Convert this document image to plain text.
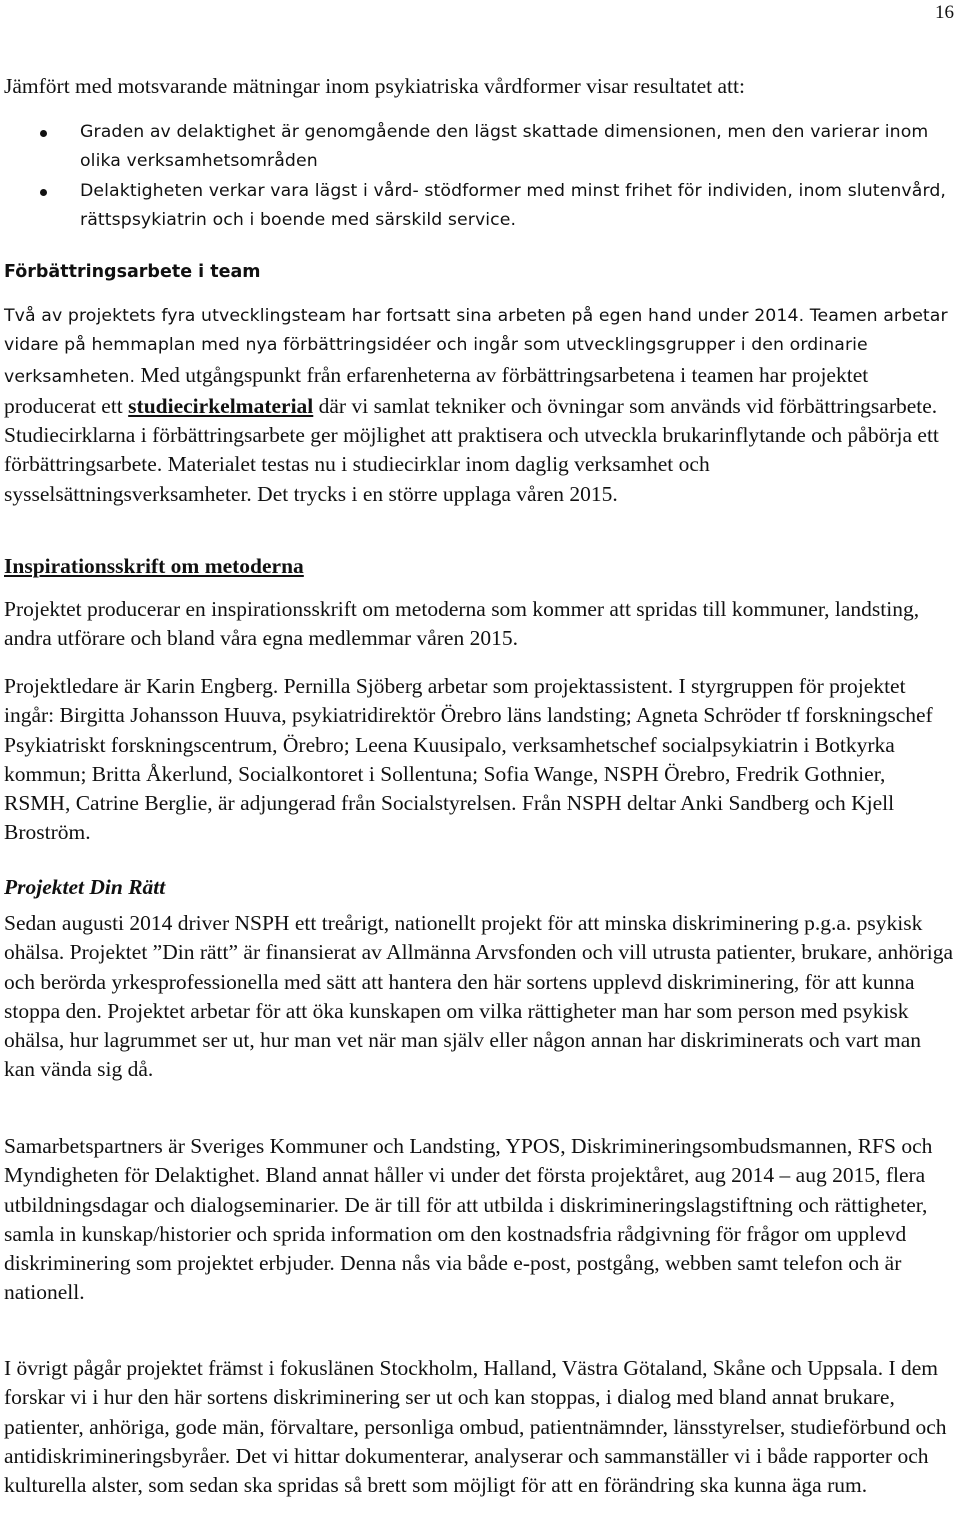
16

Jämfört med motsvarande mätningar inom psykiatriska vårdformer visar resultatet att:

Graden av delaktighet är genomgående den lägst skattade dimensionen, men den varierar inom olika verksamhetsområden
Delaktigheten verkar vara lägst i vård- stödformer med minst frihet för individen, inom slutenvård, rättspsykiatrin och i boende med särskild service.
Förbättringsarbete i team

Två av projektets fyra utvecklingsteam har fortsatt sina arbeten på egen hand under 2014. Teamen arbetar vidare på hemmaplan med nya förbättringsidéer och ingår som utvecklingsgrupper i den ordinarie verksamheten. Med utgångspunkt från erfarenheterna av förbättringsarbetena i teamen har projektet producerat ett studiecirkelmaterial där vi samlat tekniker och övningar som används vid förbättringsarbete. Studiecirklarna i förbättringsarbete ger möjlighet att praktisera och utveckla brukarinflytande och påbörja ett förbättringsarbete. Materialet testas nu i studiecirklar inom daglig verksamhet och sysselsättningsverksamheter. Det trycks i en större upplaga våren 2015.

Inspirationsskrift om metoderna

Projektet producerar en inspirationsskrift om metoderna som kommer att spridas till kommuner, landsting, andra utförare och bland våra egna medlemmar våren 2015.

Projektledare är Karin Engberg. Pernilla Sjöberg arbetar som projektassistent. I styrgruppen för projektet ingår: Birgitta Johansson Huuva, psykiatridirektör Örebro läns landsting; Agneta Schröder tf forskningschef Psykiatriskt forskningscentrum, Örebro; Leena Kuusipalo, verksamhetschef socialpsykiatrin i Botkyrka kommun; Britta Åkerlund, Socialkontoret i Sollentuna; Sofia Wange, NSPH Örebro, Fredrik Gothnier, RSMH, Catrine Berglie, är adjungerad från Socialstyrelsen. Från NSPH deltar Anki Sandberg och Kjell Broström.

Projektet Din Rätt

Sedan augusti 2014 driver NSPH ett treårigt, nationellt projekt för att minska diskriminering p.g.a. psykisk ohälsa. Projektet ”Din rätt” är finansierat av Allmänna Arvsfonden och vill utrusta patienter, brukare, anhöriga och berörda yrkesprofessionella med sätt att hantera den här sortens upplevd diskriminering, för att kunna stoppa den. Projektet arbetar för att öka kunskapen om vilka rättigheter man har som person med psykisk ohälsa, hur lagrummet ser ut, hur man vet när man själv eller någon annan har diskriminerats och vart man kan vända sig då.

Samarbetspartners är Sveriges Kommuner och Landsting, YPOS, Diskrimineringsombudsmannen, RFS och Myndigheten för Delaktighet. Bland annat håller vi under det första projektåret, aug 2014 – aug 2015, flera utbildningsdagar och dialogseminarier. De är till för att utbilda i diskrimineringslagstiftning och rättigheter, samla in kunskap/historier och sprida information om den kostnadsfria rådgivning för frågor om upplevd diskriminering som projektet erbjuder. Denna nås via både e-post, postgång, webben samt telefon och är nationell.

I övrigt pågår projektet främst i fokuslänen Stockholm, Halland, Västra Götaland, Skåne och Uppsala. I dem forskar vi i hur den här sortens diskriminering ser ut och kan stoppas, i dialog med bland annat brukare, patienter, anhöriga, gode män, förvaltare, personliga ombud, patientnämnder, länsstyrelser, studieförbund och antidiskrimineringsbyråer. Det vi hittar dokumenterar, analyserar och sammanställer vi i både rapporter och kulturella alster, som sedan ska spridas så brett som möjligt för att en förändring ska kunna äga rum.
